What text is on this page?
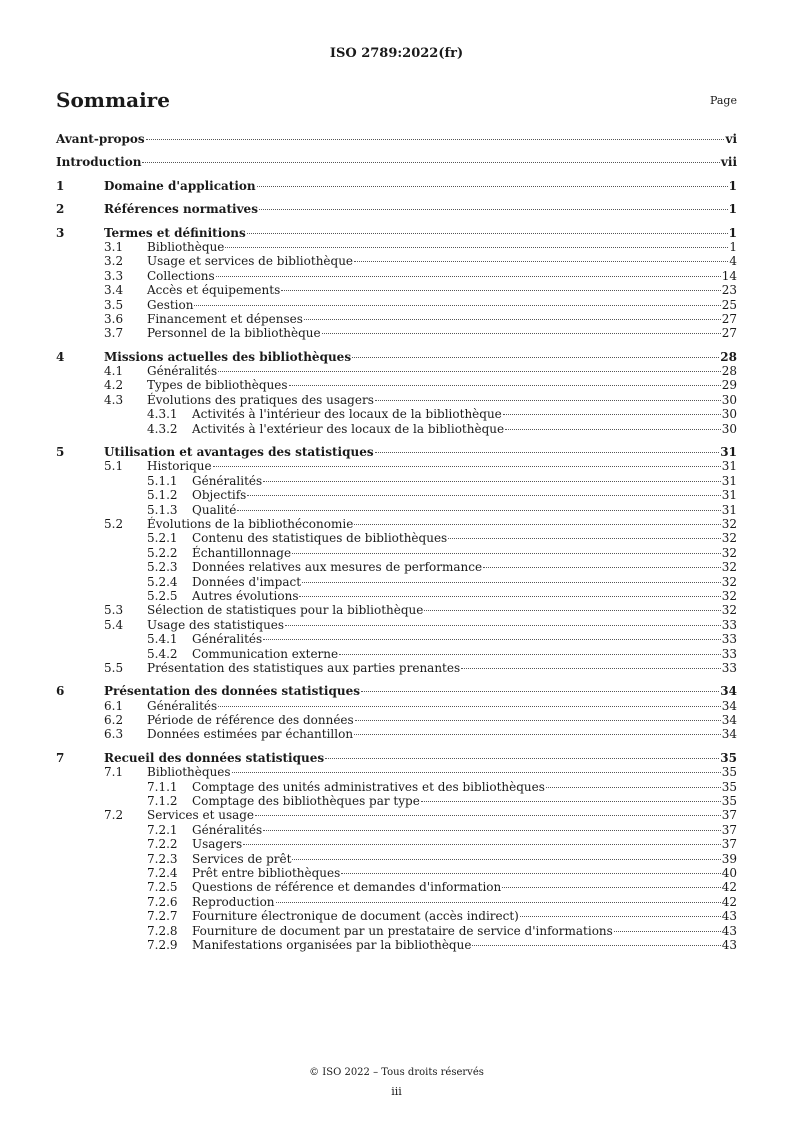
ISO 2789:2022(fr)
Sommaire	Page
Avant-propos	vi
Introduction	vii
1	Domaine d'application	1
2	Références normatives	1
3	Termes et définitions	1
3.1	Bibliothèque	1
3.2	Usage et services de bibliothèque	4
3.3	Collections	14
3.4	Accès et équipements	23
3.5	Gestion	25
3.6	Financement et dépenses	27
3.7	Personnel de la bibliothèque	27
4	Missions actuelles des bibliothèques	28
4.1	Généralités	28
4.2	Types de bibliothèques	29
4.3	Évolutions des pratiques des usagers	30
4.3.1	Activités à l'intérieur des locaux de la bibliothèque	30
4.3.2	Activités à l'extérieur des locaux de la bibliothèque	30
5	Utilisation et avantages des statistiques	31
5.1	Historique	31
5.1.1	Généralités	31
5.1.2	Objectifs	31
5.1.3	Qualité	31
5.2	Évolutions de la bibliothéconomie	32
5.2.1	Contenu des statistiques de bibliothèques	32
5.2.2	Échantillonnage	32
5.2.3	Données relatives aux mesures de performance	32
5.2.4	Données d'impact	32
5.2.5	Autres évolutions	32
5.3	Sélection de statistiques pour la bibliothèque	32
5.4	Usage des statistiques	33
5.4.1	Généralités	33
5.4.2	Communication externe	33
5.5	Présentation des statistiques aux parties prenantes	33
6	Présentation des données statistiques	34
6.1	Généralités	34
6.2	Période de référence des données	34
6.3	Données estimées par échantillon	34
7	Recueil des données statistiques	35
7.1	Bibliothèques	35
7.1.1	Comptage des unités administratives et des bibliothèques	35
7.1.2	Comptage des bibliothèques par type	35
7.2	Services et usage	37
7.2.1	Généralités	37
7.2.2	Usagers	37
7.2.3	Services de prêt	39
7.2.4	Prêt entre bibliothèques	40
7.2.5	Questions de référence et demandes d'information	42
7.2.6	Reproduction	42
7.2.7	Fourniture électronique de document (accès indirect)	43
7.2.8	Fourniture de document par un prestataire de service d'informations	43
7.2.9	Manifestations organisées par la bibliothèque	43
© ISO 2022 – Tous droits réservés
iii
